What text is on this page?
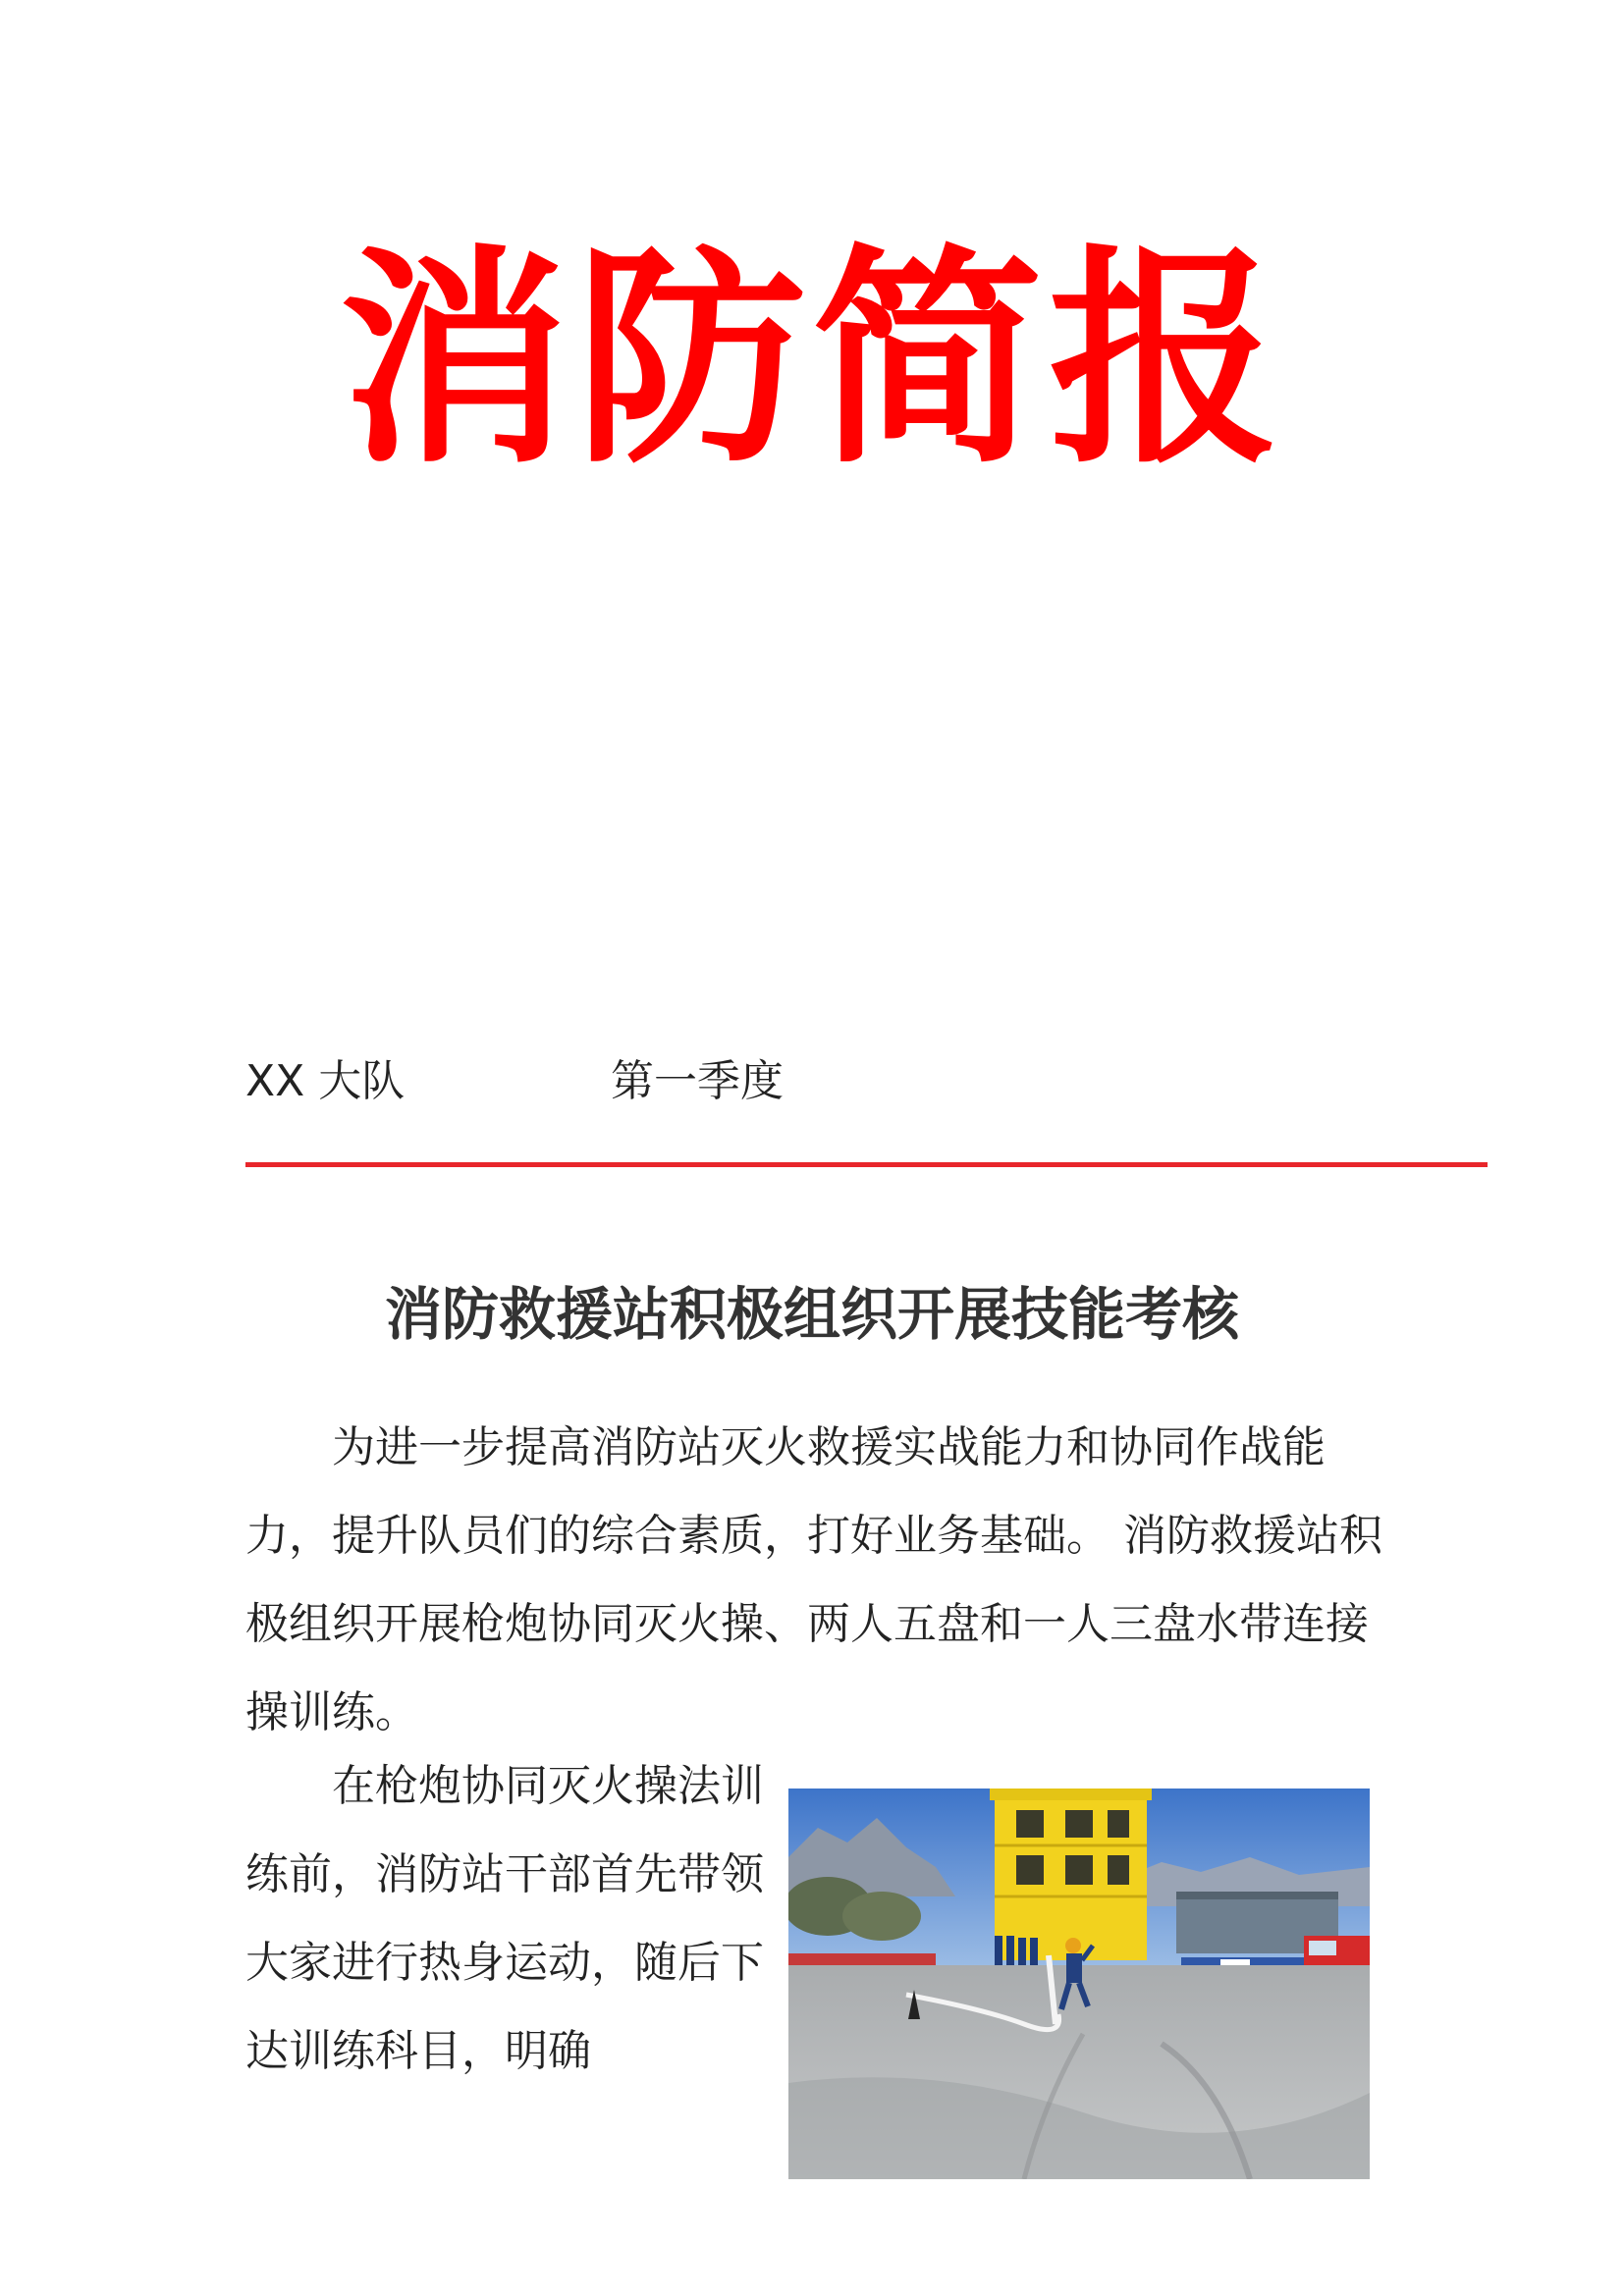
消防简报
XX 大队	第一季度
消防救援站积极组织开展技能考核

为进一步提高消防站灭火救援实战能力和协同作战能力，提升队员们的综合素质，打好业务基础。 消防救援站积极组织开展枪炮协同灭火操、两人五盘和一人三盘水带连接操训练。

在枪炮协同灭火操法训练前，消防站干部首先带领大家进行热身运动，随后下达训练科目，明确
